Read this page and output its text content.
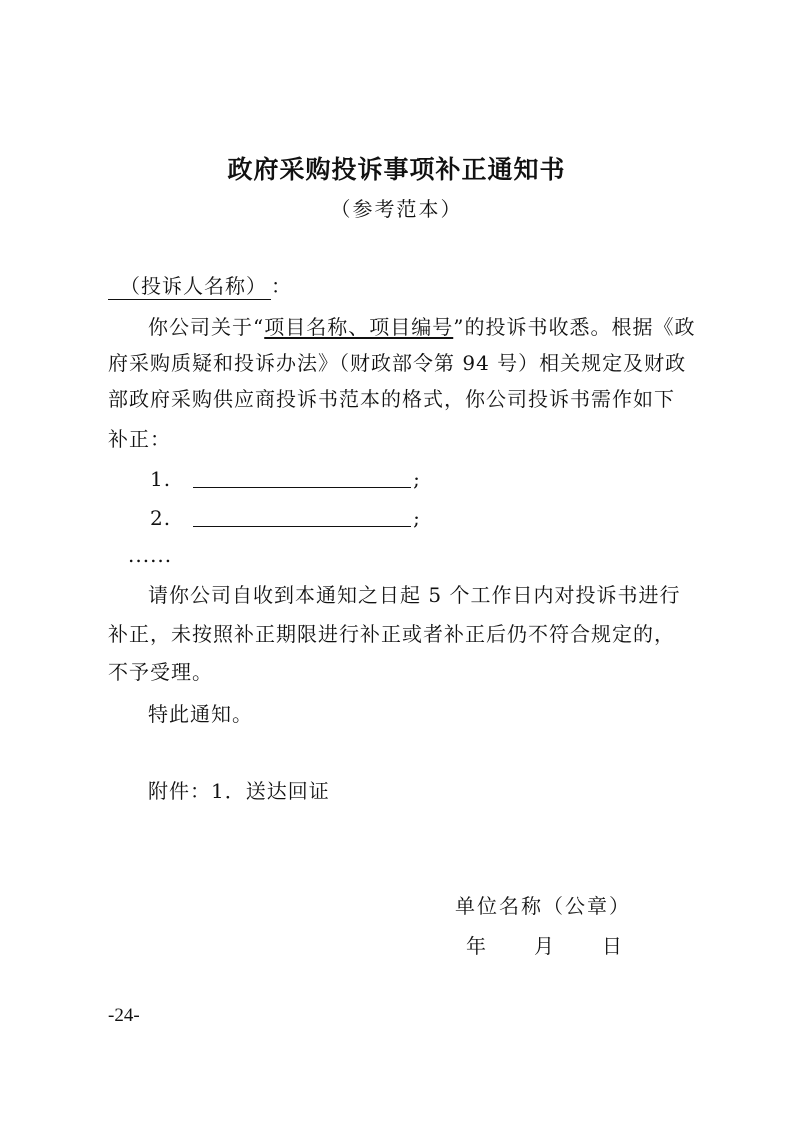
政府采购投诉事项补正通知书
（参考范本）
（投诉人名称） ：
你公司关于“项目名称、项目编号”的投诉书收悉。根据《政
府采购质疑和投诉办法》（财政部令第 94 号）相关规定及财政
部政府采购供应商投诉书范本的格式，你公司投诉书需作如下
补正：
1.	;
2.	;
......
请你公司自收到本通知之日起 5 个工作日内对投诉书进行
补正，未按照补正期限进行补正或者补正后仍不符合规定的，
不予受理。
特此通知。
附件：1．送达回证
单位名称（公章）
年 月 日
-24-
